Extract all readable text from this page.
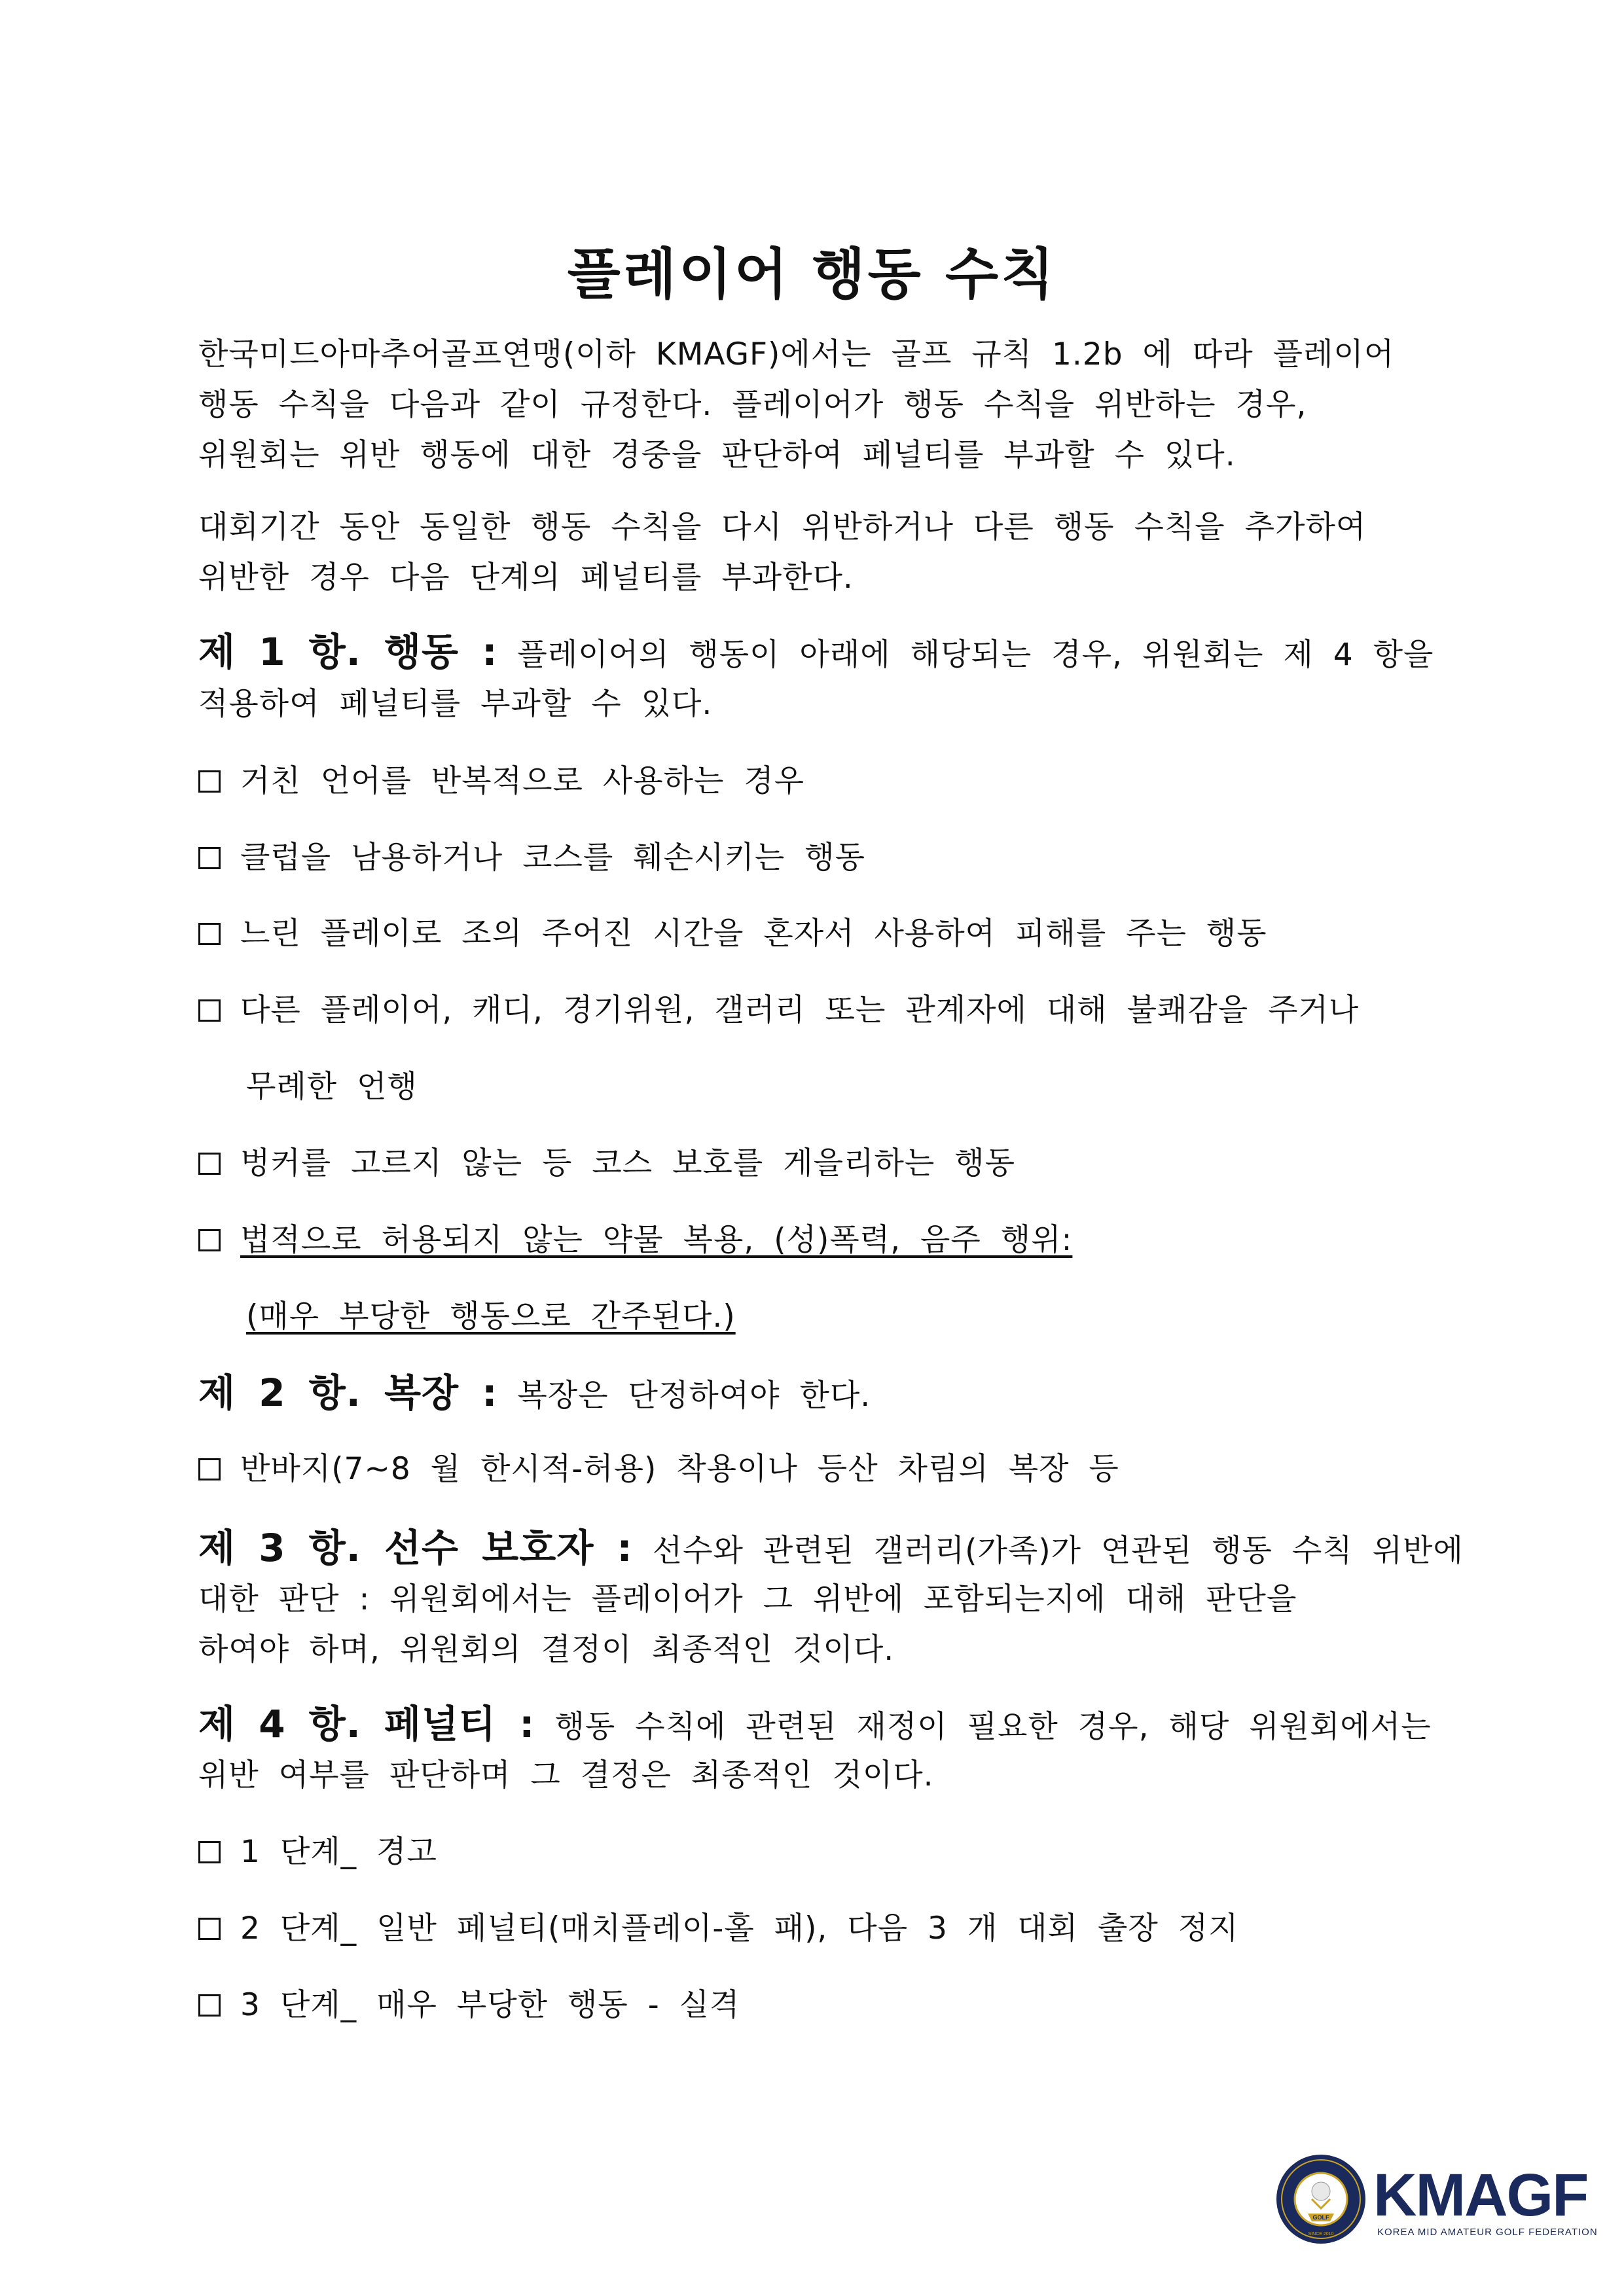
플레이어 행동 수칙
한국미드아마추어골프연맹(이하 KMAGF)에서는 골프 규칙 1.2b 에 따라 플레이어
행동 수칙을 다음과 같이 규정한다. 플레이어가 행동 수칙을 위반하는 경우,
위원회는 위반 행동에 대한 경중을 판단하여 페널티를 부과할 수 있다.
대회기간 동안 동일한 행동 수칙을 다시 위반하거나 다른 행동 수칙을 추가하여
위반한 경우 다음 단계의 페널티를 부과한다.
제 1 항. 행동 : 플레이어의 행동이 아래에 해당되는 경우, 위원회는 제 4 항을
적용하여 페널티를 부과할 수 있다.
거친 언어를 반복적으로 사용하는 경우
클럽을 남용하거나 코스를 훼손시키는 행동
느린 플레이로 조의 주어진 시간을 혼자서 사용하여 피해를 주는 행동
다른 플레이어, 캐디, 경기위원, 갤러리 또는 관계자에 대해 불쾌감을 주거나
무례한 언행
벙커를 고르지 않는 등 코스 보호를 게을리하는 행동
법적으로 허용되지 않는 약물 복용, (성)폭력, 음주 행위:
(매우 부당한 행동으로 간주된다.)
제 2 항. 복장 : 복장은 단정하여야 한다.
반바지(7~8 월 한시적-허용) 착용이나 등산 차림의 복장 등
제 3 항. 선수 보호자 : 선수와 관련된 갤러리(가족)가 연관된 행동 수칙 위반에
대한 판단 : 위원회에서는 플레이어가 그 위반에 포함되는지에 대해 판단을
하여야 하며, 위원회의 결정이 최종적인 것이다.
제 4 항. 페널티 : 행동 수칙에 관련된 재정이 필요한 경우, 해당 위원회에서는
위반 여부를 판단하며 그 결정은 최종적인 것이다.
1 단계_ 경고
2 단계_ 일반 페널티(매치플레이-홀 패), 다음 3 개 대회 출장 정지
3 단계_ 매우 부당한 행동 - 실격
GOLF
SINCE 2010
KMAGF
KOREA MID AMATEUR GOLF FEDERATION
